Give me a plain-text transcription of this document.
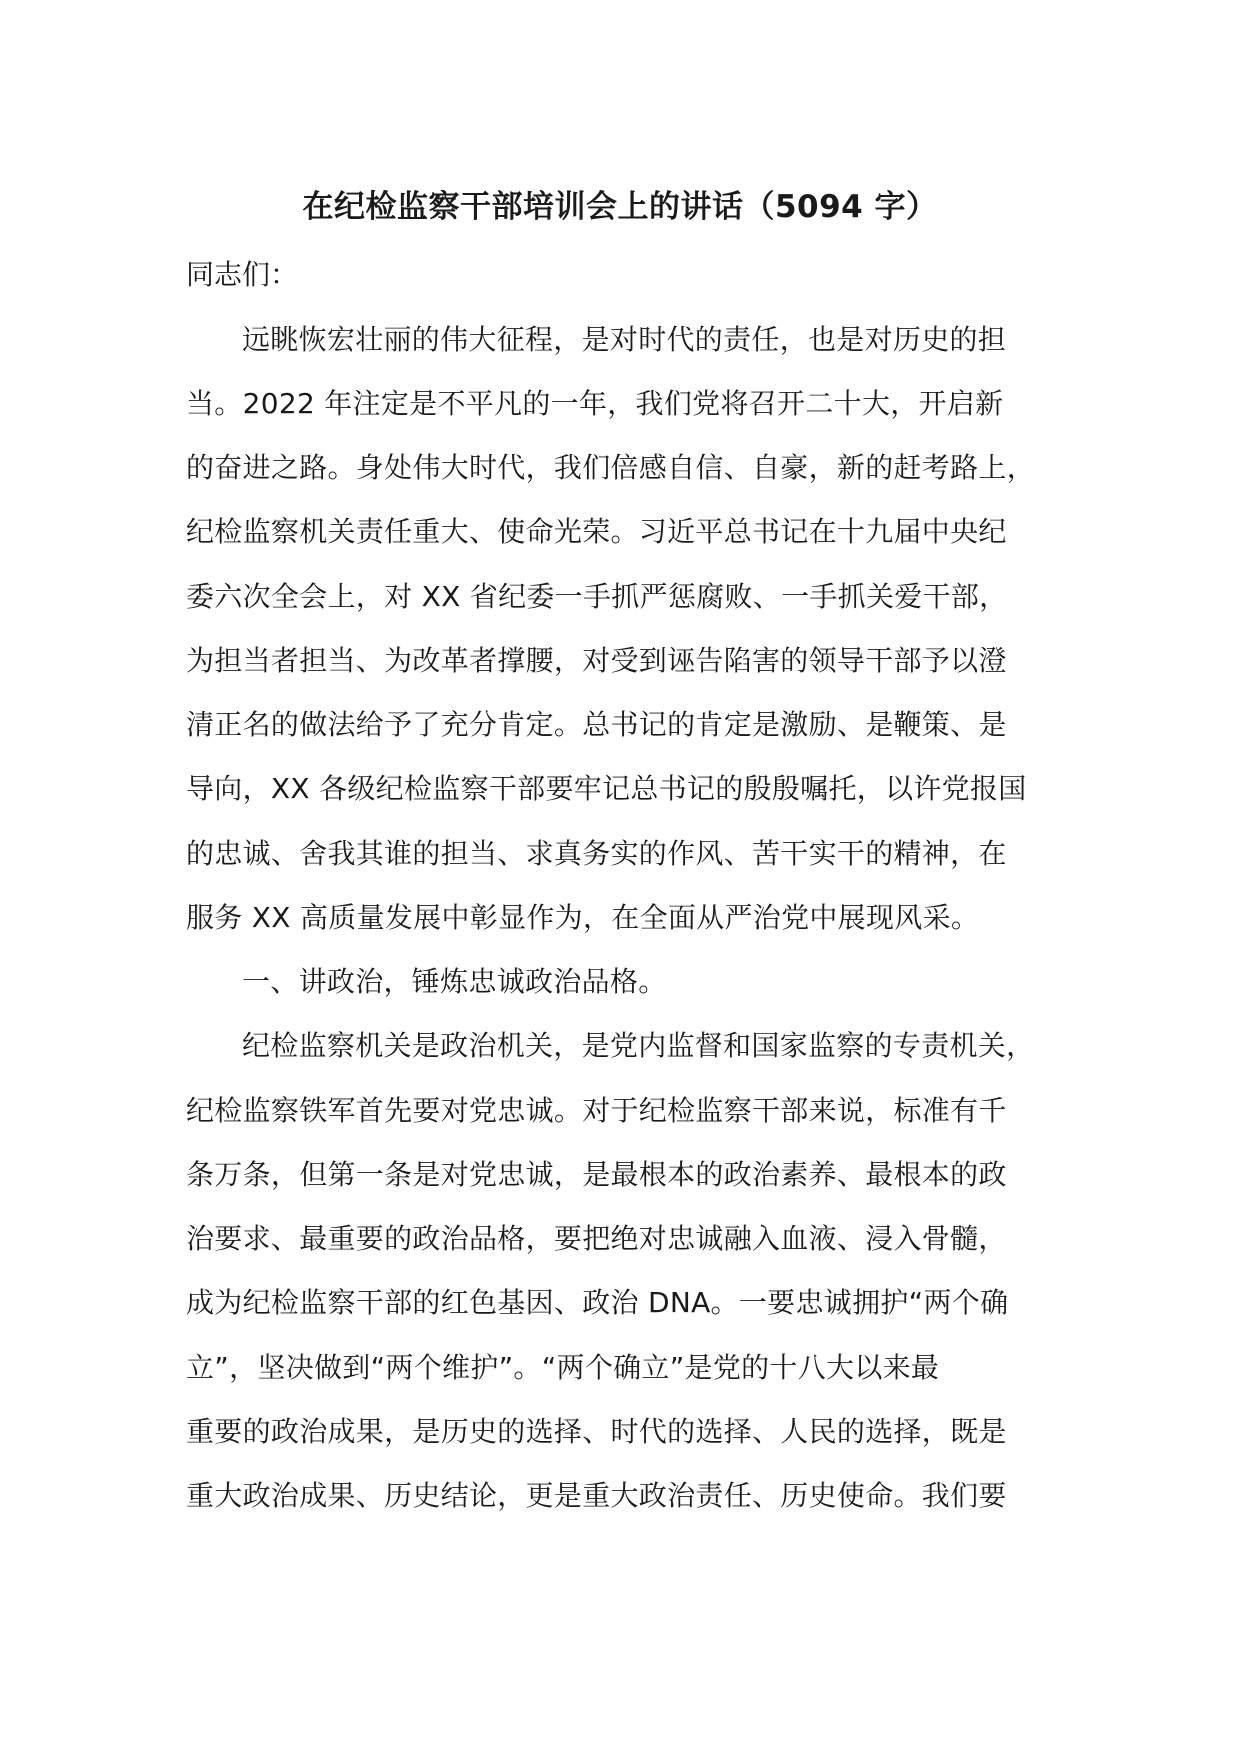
在纪检监察干部培训会上的讲话（5094 字）
同志们：
远眺恢宏壮丽的伟大征程，是对时代的责任，也是对历史的担
当。2022 年注定是不平凡的一年，我们党将召开二十大，开启新
的奋进之路。身处伟大时代，我们倍感自信、自豪，新的赶考路上，
纪检监察机关责任重大、使命光荣。习近平总书记在十九届中央纪
委六次全会上，对 XX 省纪委一手抓严惩腐败、一手抓关爱干部，
为担当者担当、为改革者撑腰，对受到诬告陷害的领导干部予以澄
清正名的做法给予了充分肯定。总书记的肯定是激励、是鞭策、是
导向，XX 各级纪检监察干部要牢记总书记的殷殷嘱托，以许党报国
的忠诚、舍我其谁的担当、求真务实的作风、苦干实干的精神，在
服务 XX 高质量发展中彰显作为，在全面从严治党中展现风采。
一、讲政治，锤炼忠诚政治品格。
纪检监察机关是政治机关，是党内监督和国家监察的专责机关，
纪检监察铁军首先要对党忠诚。对于纪检监察干部来说，标准有千
条万条，但第一条是对党忠诚，是最根本的政治素养、最根本的政
治要求、最重要的政治品格，要把绝对忠诚融入血液、浸入骨髓，
成为纪检监察干部的红色基因、政治 DNA。一要忠诚拥护“两个确
立”，坚决做到“两个维护”。“两个确立”是党的十八大以来最
重要的政治成果，是历史的选择、时代的选择、人民的选择，既是
重大政治成果、历史结论，更是重大政治责任、历史使命。我们要
